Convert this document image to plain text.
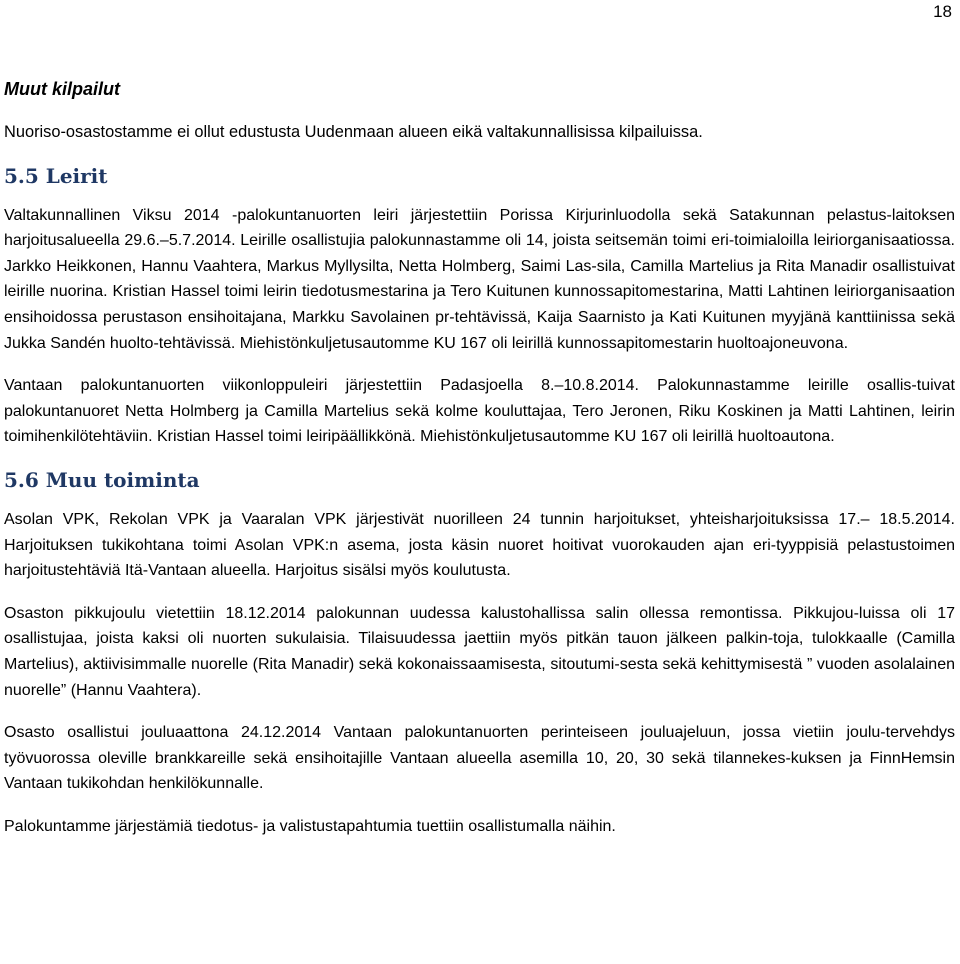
18
Muut kilpailut

Nuoriso-osastostamme ei ollut edustusta Uudenmaan alueen eikä valtakunnallisissa kilpailuissa.

5.5 Leirit

Valtakunnallinen Viksu 2014 -palokuntanuorten leiri järjestettiin Porissa Kirjurinluodolla sekä Satakunnan pelastus-laitoksen harjoitusalueella 29.6.–5.7.2014. Leirille osallistujia palokunnastamme oli 14, joista seitsemän toimi eri-toimialoilla leiriorganisaatiossa. Jarkko Heikkonen, Hannu Vaahtera, Markus Myllysilta, Netta Holmberg, Saimi Las-sila, Camilla Martelius ja Rita Manadir osallistuivat leirille nuorina. Kristian Hassel toimi leirin tiedotusmestarina ja Tero Kuitunen kunnossapitomestarina, Matti Lahtinen leiriorganisaation ensihoidossa perustason ensihoitajana, Markku Savolainen pr-tehtävissä, Kaija Saarnisto ja Kati Kuitunen myyjänä kanttiinissa sekä Jukka Sandén huolto-tehtävissä. Miehistönkuljetusautomme KU 167 oli leirillä kunnossapitomestarin huoltoajoneuvona.

Vantaan palokuntanuorten viikonloppuleiri järjestettiin Padasjoella 8.–10.8.2014. Palokunnastamme leirille osallis-tuivat palokuntanuoret Netta Holmberg ja Camilla Martelius sekä kolme kouluttajaa, Tero Jeronen, Riku Koskinen ja Matti Lahtinen, leirin toimihenkilötehtäviin. Kristian Hassel toimi leiripäällikkönä. Miehistönkuljetusautomme KU 167 oli leirillä huoltoautona.

5.6 Muu toiminta

Asolan VPK, Rekolan VPK ja Vaaralan VPK järjestivät nuorilleen 24 tunnin harjoitukset, yhteisharjoituksissa 17.– 18.5.2014. Harjoituksen tukikohtana toimi Asolan VPK:n asema, josta käsin nuoret hoitivat vuorokauden ajan eri-tyyppisiä pelastustoimen harjoitustehtäviä Itä-Vantaan alueella. Harjoitus sisälsi myös koulutusta.

Osaston pikkujoulu vietettiin 18.12.2014 palokunnan uudessa kalustohallissa salin ollessa remontissa. Pikkujou-luissa oli 17 osallistujaa, joista kaksi oli nuorten sukulaisia. Tilaisuudessa jaettiin myös pitkän tauon jälkeen palkin-toja, tulokkaalle (Camilla Martelius), aktiivisimmalle nuorelle (Rita Manadir) sekä kokonaissaamisesta, sitoutumi-sesta sekä kehittymisestä ” vuoden asolalainen nuorelle” (Hannu Vaahtera).

Osasto osallistui jouluaattona 24.12.2014 Vantaan palokuntanuorten perinteiseen jouluajeluun, jossa vietiin joulu-tervehdys työvuorossa oleville brankkareille sekä ensihoitajille Vantaan alueella asemilla 10, 20, 30 sekä tilannekes-kuksen ja FinnHemsin Vantaan tukikohdan henkilökunnalle.

Palokuntamme järjestämiä tiedotus- ja valistustapahtumia tuettiin osallistumalla näihin.
